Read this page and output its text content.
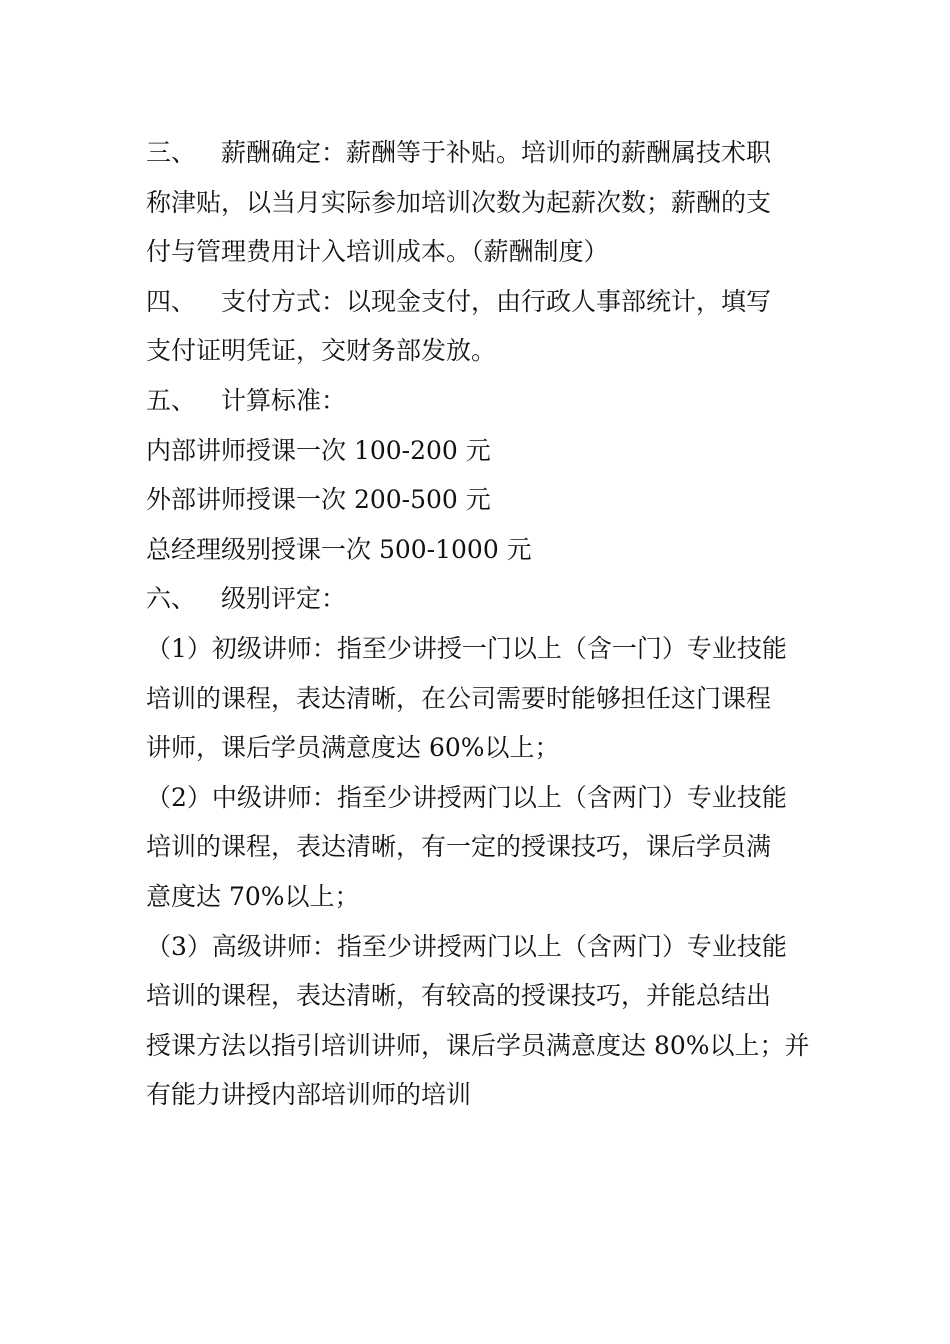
三、 薪酬确定：薪酬等于补贴。培训师的薪酬属技术职
称津贴，以当月实际参加培训次数为起薪次数；薪酬的支
付与管理费用计入培训成本。（薪酬制度）
四、 支付方式：以现金支付，由行政人事部统计，填写
支付证明凭证，交财务部发放。
五、 计算标准：
内部讲师授课一次 100-200 元
外部讲师授课一次 200-500 元
总经理级别授课一次 500-1000 元
六、 级别评定：
（1）初级讲师：指至少讲授一门以上（含一门）专业技能
培训的课程，表达清晰，在公司需要时能够担任这门课程
讲师，课后学员满意度达 60%以上；
（2）中级讲师：指至少讲授两门以上（含两门）专业技能
培训的课程，表达清晰，有一定的授课技巧，课后学员满
意度达 70%以上；
（3）高级讲师：指至少讲授两门以上（含两门）专业技能
培训的课程，表达清晰，有较高的授课技巧，并能总结出
授课方法以指引培训讲师，课后学员满意度达 80%以上；并
有能力讲授内部培训师的培训
